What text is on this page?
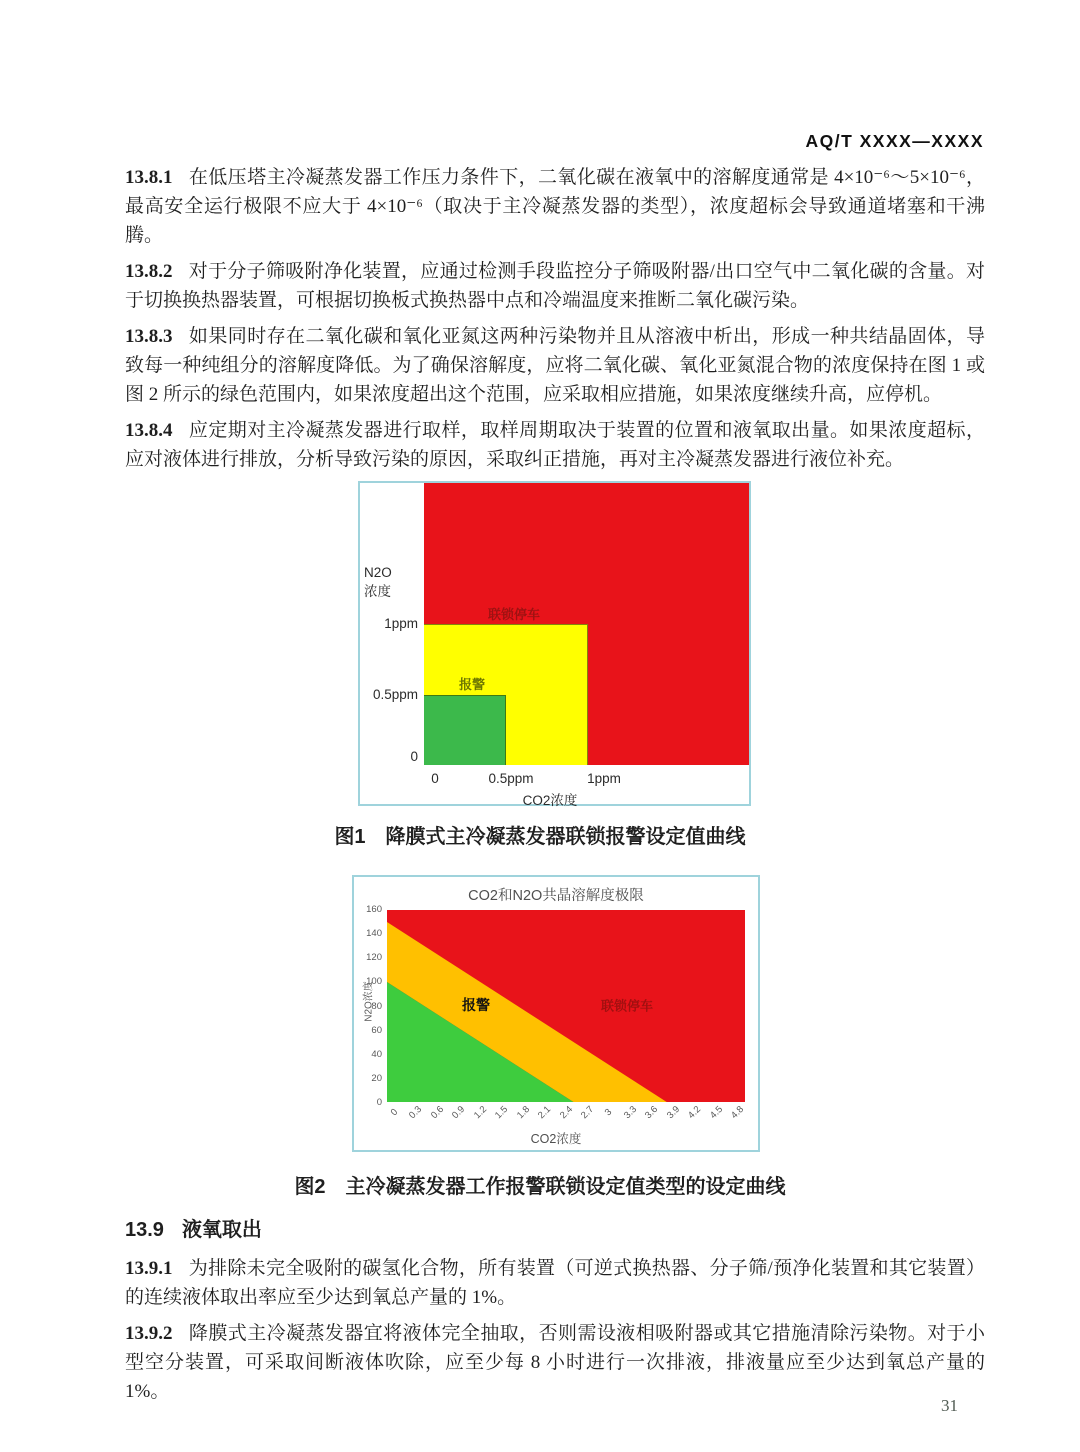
AQ/T XXXX—XXXX

13.8.1 在低压塔主冷凝蒸发器工作压力条件下，二氧化碳在液氧中的溶解度通常是 4×10⁻⁶～5×10⁻⁶，最高安全运行极限不应大于 4×10⁻⁶（取决于主冷凝蒸发器的类型），浓度超标会导致通道堵塞和干沸腾。

13.8.2 对于分子筛吸附净化装置，应通过检测手段监控分子筛吸附器/出口空气中二氧化碳的含量。对于切换换热器装置，可根据切换板式换热器中点和冷端温度来推断二氧化碳污染。

13.8.3 如果同时存在二氧化碳和氧化亚氮这两种污染物并且从溶液中析出，形成一种共结晶固体，导致每一种纯组分的溶解度降低。为了确保溶解度，应将二氧化碳、氧化亚氮混合物的浓度保持在图 1 或图 2 所示的绿色范围内，如果浓度超出这个范围，应采取相应措施，如果浓度继续升高，应停机。

13.8.4 应定期对主冷凝蒸发器进行取样，取样周期取决于装置的位置和液氧取出量。如果浓度超标，应对液体进行排放，分析导致污染的原因，采取纠正措施，再对主冷凝蒸发器进行液位补充。

联锁停车
报警
N2O
浓度
1ppm
0.5ppm
0
0	0.5ppm	1ppm
CO2浓度
图1　降膜式主冷凝蒸发器联锁报警设定值曲线
CO2和N2O共晶溶解度极限
报警	联锁停车
160
140
120
100
80
60
40
20
0
0 0.3 0.6 0.9 1.2 1.5 1.8 2.1 2.4 2.7 3 3.3 3.6 3.9 4.2 4.5 4.8
N2O浓度
CO2浓度
图2　主冷凝蒸发器工作报警联锁设定值类型的设定曲线
13.9 液氧取出

13.9.1 为排除未完全吸附的碳氢化合物，所有装置（可逆式换热器、分子筛/预净化装置和其它装置）的连续液体取出率应至少达到氧总产量的 1%。

13.9.2 降膜式主冷凝蒸发器宜将液体完全抽取，否则需设液相吸附器或其它措施清除污染物。对于小型空分装置，可采取间断液体吹除，应至少每 8 小时进行一次排液，排液量应至少达到氧总产量的 1%。

31
